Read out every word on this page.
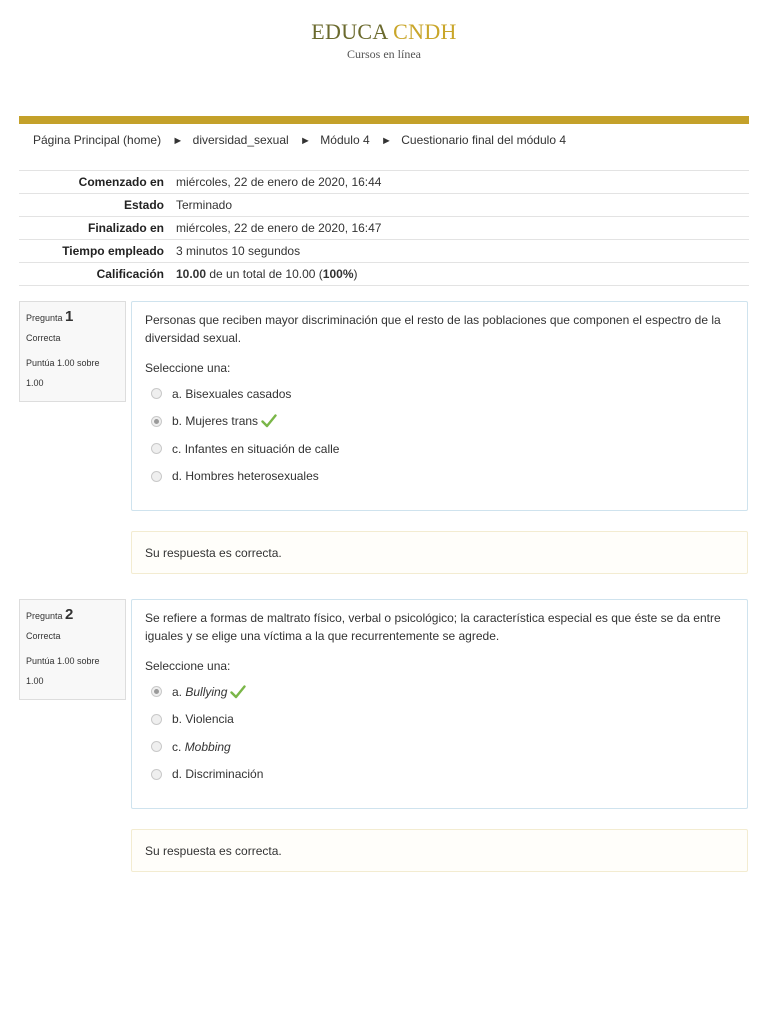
EDUCA CNDH
Cursos en línea
Página Principal (home) ► diversidad_sexual ► Módulo 4 ► Cuestionario final del módulo 4
Comenzado en	miércoles, 22 de enero de 2020, 16:44
Estado	Terminado
Finalizado en	miércoles, 22 de enero de 2020, 16:47
Tiempo empleado	3 minutos 10 segundos
Calificación	10.00 de un total de 10.00 (100%)
Pregunta 1
Correcta
Puntúa 1.00 sobre 1.00
Personas que reciben mayor discriminación que el resto de las poblaciones que componen el espectro de la diversidad sexual.
Seleccione una:
a.
Bisexuales casados
b.
Mujeres trans
c.
Infantes en situación de calle
d.
Hombres heterosexuales
Su respuesta es correcta.
Pregunta 2
Correcta
Puntúa 1.00 sobre 1.00
Se refiere a formas de maltrato físico, verbal o psicológico; la característica especial es que éste se da entre iguales y se elige una víctima a la que recurrentemente se agrede.
Seleccione una:
a.
Bullying
b.
Violencia
c.
Mobbing
d.
Discriminación
Su respuesta es correcta.
